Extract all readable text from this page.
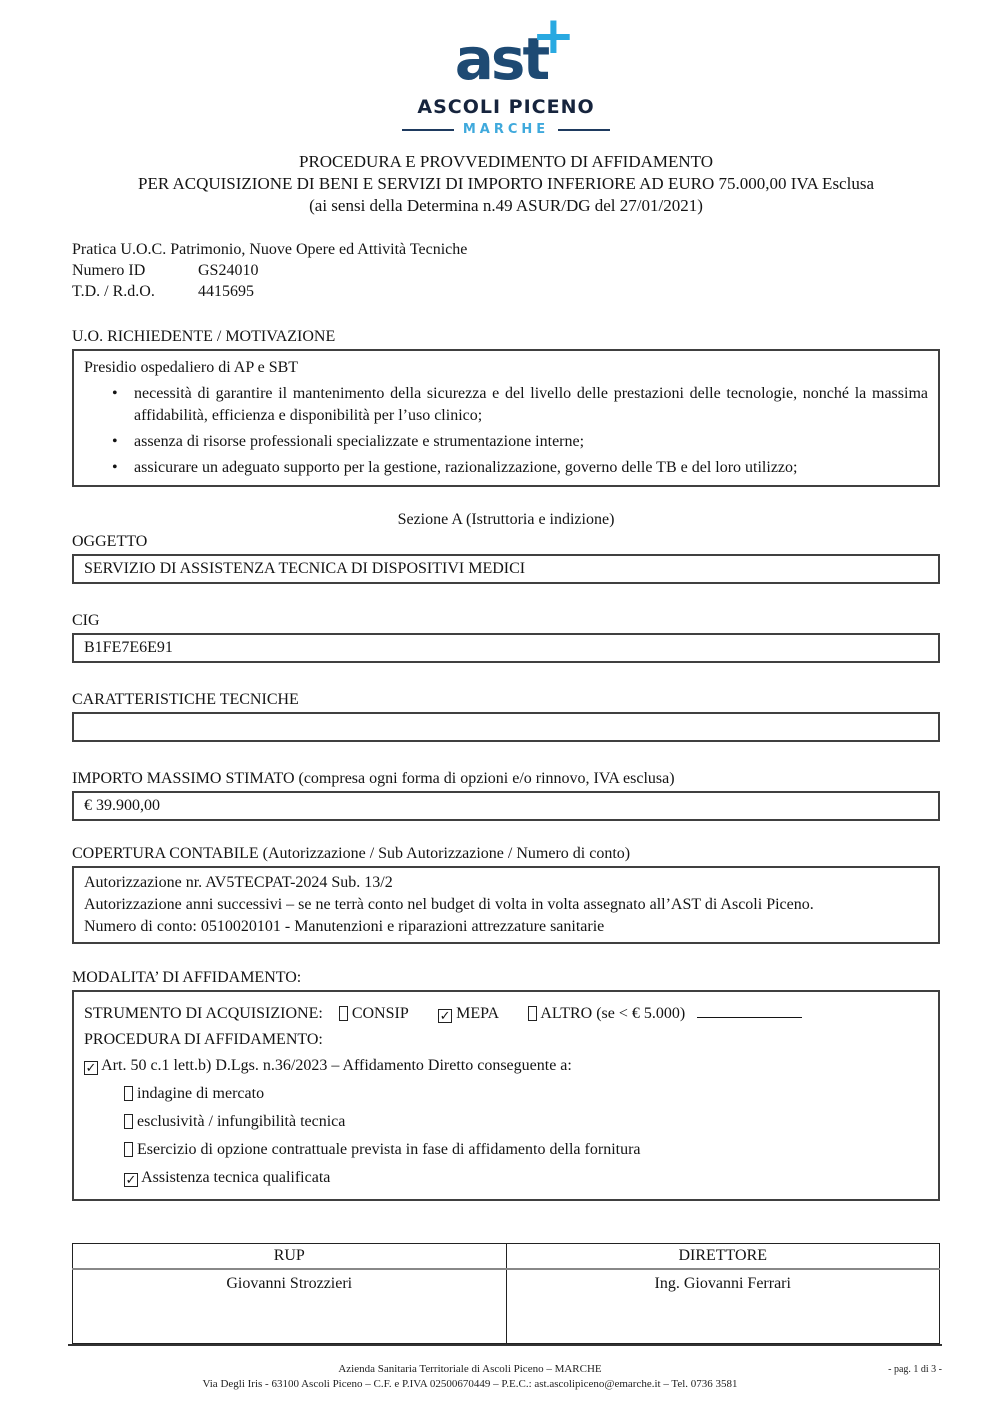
ast
+
ASCOLI PICENO
MARCHE
PROCEDURA E PROVVEDIMENTO DI AFFIDAMENTO
PER ACQUISIZIONE DI BENI E SERVIZI DI IMPORTO INFERIORE AD EURO 75.000,00 IVA Esclusa
(ai sensi della Determina n.49 ASUR/DG del 27/01/2021)
Pratica U.O.C. Patrimonio, Nuove Opere ed Attività Tecniche
Numero ID	GS24010
T.D. / R.d.O.	4415695
U.O. RICHIEDENTE / MOTIVAZIONE
Presidio ospedaliero di AP e SBT
• necessità di garantire il mantenimento della sicurezza e del livello delle prestazioni delle tecnologie, nonché la massima affidabilità, efficienza e disponibilità per l’uso clinico;
• assenza di risorse professionali specializzate e strumentazione interne;
• assicurare un adeguato supporto per la gestione, razionalizzazione, governo delle TB e del loro utilizzo;
Sezione A (Istruttoria e indizione)
OGGETTO
SERVIZIO DI ASSISTENZA TECNICA DI DISPOSITIVI MEDICI
CIG
B1FE7E6E91
CARATTERISTICHE TECNICHE
IMPORTO MASSIMO STIMATO (compresa ogni forma di opzioni e/o rinnovo, IVA esclusa)
€ 39.900,00
COPERTURA CONTABILE (Autorizzazione / Sub Autorizzazione / Numero di conto)
Autorizzazione nr. AV5TECPAT-2024 Sub. 13/2
Autorizzazione anni successivi – se ne terrà conto nel budget di volta in volta assegnato all’AST di Ascoli Piceno.
Numero di conto: 0510020101 - Manutenzioni e riparazioni attrezzature sanitarie
MODALITA’ DI AFFIDAMENTO:
STRUMENTO DI ACQUISIZIONE: CONSIP ✓ MEPA	ALTRO (se < € 5.000)
PROCEDURA DI AFFIDAMENTO:
✓ Art. 50 c.1 lett.b) D.Lgs. n.36/2023 – Affidamento Diretto conseguente a:
indagine di mercato
esclusività / infungibilità tecnica
Esercizio di opzione contrattuale prevista in fase di affidamento della fornitura
✓ Assistenza tecnica qualificata
RUP	DIRETTORE
Giovanni Strozzieri	Ing. Giovanni Ferrari
Azienda Sanitaria Territoriale di Ascoli Piceno – MARCHE
Via Degli Iris - 63100 Ascoli Piceno – C.F. e P.IVA 02500670449 – P.E.C.: ast.ascolipiceno@emarche.it – Tel. 0736 3581
- pag. 1 di 3 -
